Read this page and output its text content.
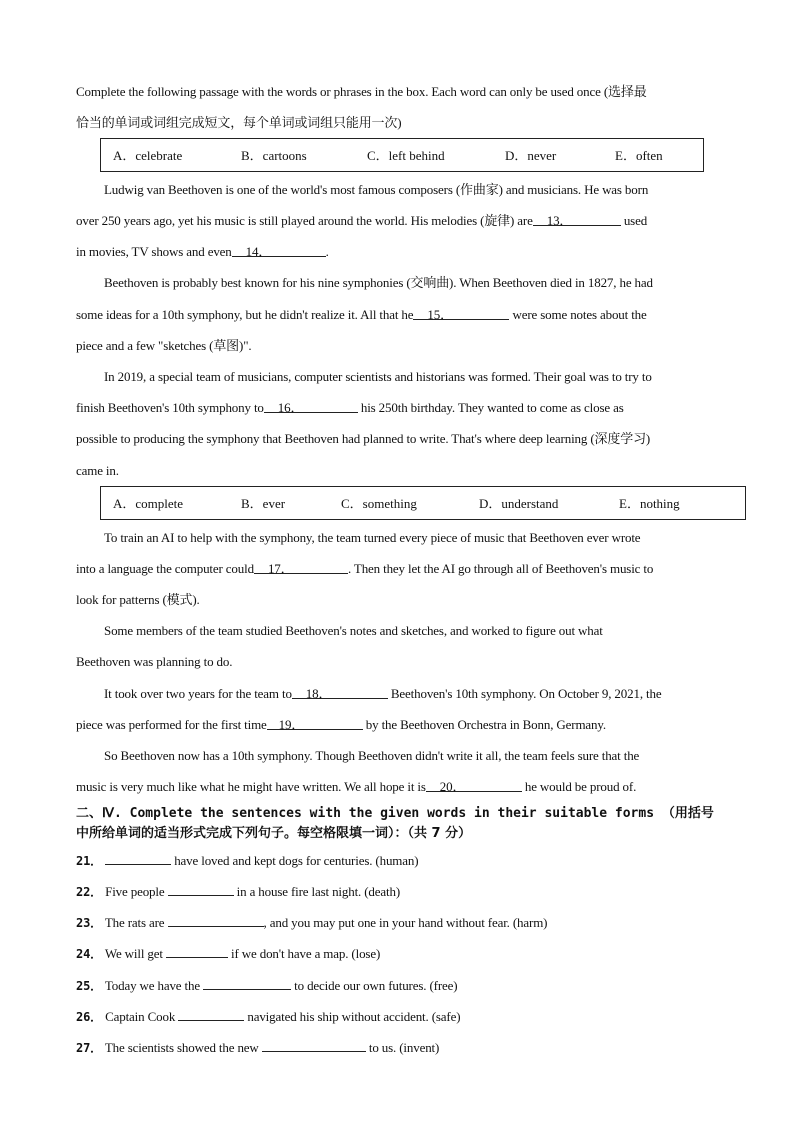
Complete the following passage with the words or phrases in the box. Each word can only be used once (选择最
恰当的单词或词组完成短文，每个单词或词组只能用一次)
A．celebrate	B．cartoons	C．left behind	D．never	E．often
Ludwig van Beethoven is one of the world's most famous composers (作曲家) and musicians. He was born
over 250 years ago, yet his music is still played around the world. His melodies (旋律) are 13．	used
in movies, TV shows and even 14．	.
Beethoven is probably best known for his nine symphonies (交响曲). When Beethoven died in 1827, he had
some ideas for a 10th symphony, but he didn't realize it. All that he 15．	were some notes about the
piece and a few "sketches (草图)".
In 2019, a special team of musicians, computer scientists and historians was formed. Their goal was to try to
finish Beethoven's 10th symphony to 16．	his 250th birthday. They wanted to come as close as
possible to producing the symphony that Beethoven had planned to write. That's where deep learning (深度学习)
came in.
A．complete	B．ever	C．something	D．understand	E．nothing
To train an AI to help with the symphony, the team turned every piece of music that Beethoven ever wrote
into a language the computer could 17．	. Then they let the AI go through all of Beethoven's music to
look for patterns (模式).
Some members of the team studied Beethoven's notes and sketches, and worked to figure out what
Beethoven was planning to do.
It took over two years for the team to 18．	Beethoven's 10th symphony. On October 9, 2021, the
piece was performed for the first time 19．	by the Beethoven Orchestra in Bonn, Germany.
So Beethoven now has a 10th symphony. Though Beethoven didn't write it all, the team feels sure that the
music is very much like what he might have written. We all hope it is 20．	he would be proud of.
二、Ⅳ. Complete the sentences with the given words in their suitable forms （用括号
中所给单词的适当形式完成下列句子。每空格限填一词）：（共 7 分）
21．	have loved and kept dogs for centuries. (human)
22． Five people	in a house fire last night. (death)
23． The rats are	, and you may put one in your hand without fear. (harm)
24． We will get	if we don't have a map. (lose)
25． Today we have the	to decide our own futures. (free)
26． Captain Cook	navigated his ship without accident. (safe)
27． The scientists showed the new	to us. (invent)
